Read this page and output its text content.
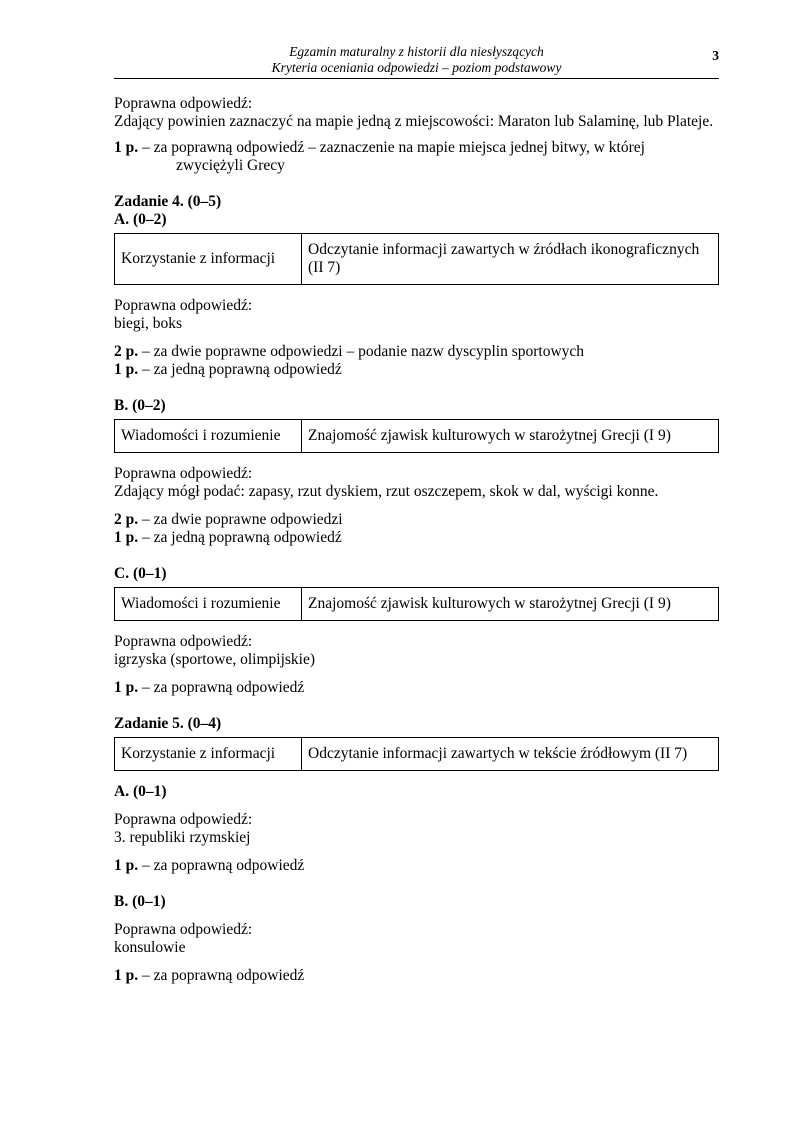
Egzamin maturalny z historii dla niesłyszących
Kryteria oceniania odpowiedzi – poziom podstawowy
3

Poprawna odpowiedź:

Zdający powinien zaznaczyć na mapie jedną z miejscowości: Maraton lub Salaminę, lub Plateje.

1 p. – za poprawną odpowiedź – zaznaczenie na mapie miejsca jednej bitwy, w której
zwyciężyli Grecy

Zadanie 4. (0–5)

A. (0–2)

Korzystanie z informacji	Odczytanie informacji zawartych w źródłach ikonograficznych (II 7)

Poprawna odpowiedź:

biegi, boks

2 p. – za dwie poprawne odpowiedzi – podanie nazw dyscyplin sportowych
1 p. – za jedną poprawną odpowiedź

B. (0–2)

Wiadomości i rozumienie	Znajomość zjawisk kulturowych w starożytnej Grecji (I 9)

Poprawna odpowiedź:

Zdający mógł podać: zapasy, rzut dyskiem, rzut oszczepem, skok w dal, wyścigi konne.

2 p. – za dwie poprawne odpowiedzi
1 p. – za jedną poprawną odpowiedź

C. (0–1)

Wiadomości i rozumienie	Znajomość zjawisk kulturowych w starożytnej Grecji (I 9)

Poprawna odpowiedź:

igrzyska (sportowe, olimpijskie)

1 p. – za poprawną odpowiedź

Zadanie 5. (0–4)

Korzystanie z informacji	Odczytanie informacji zawartych w tekście źródłowym (II 7)

A. (0–1)

Poprawna odpowiedź:

3. republiki rzymskiej

1 p. – za poprawną odpowiedź

B. (0–1)

Poprawna odpowiedź:

konsulowie

1 p. – za poprawną odpowiedź
